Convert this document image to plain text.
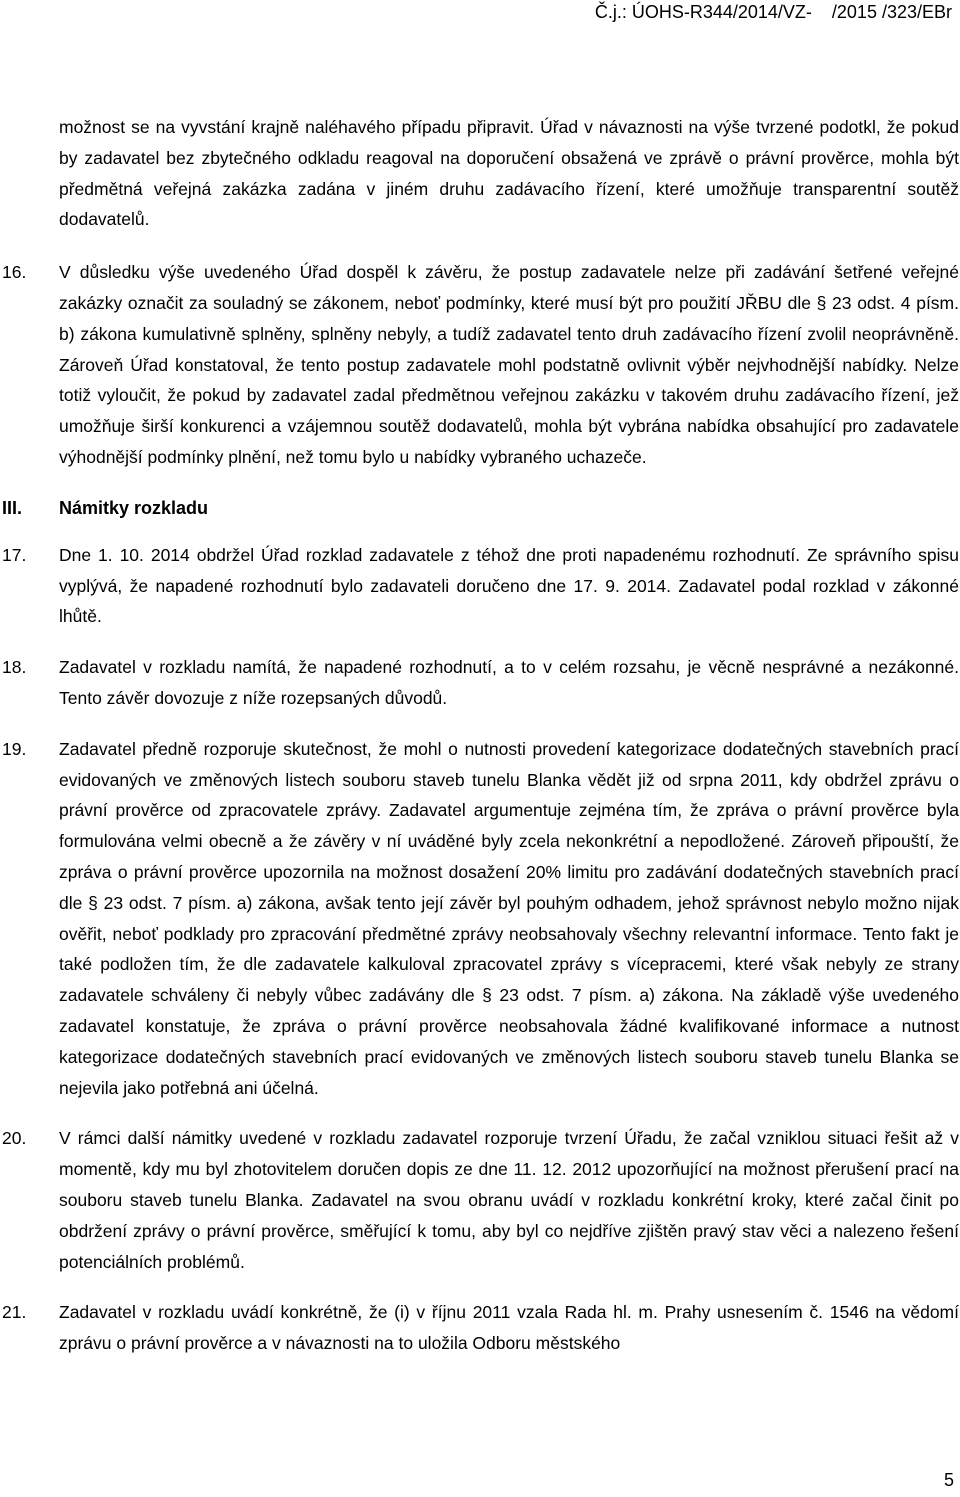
Č.j.: ÚOHS-R344/2014/VZ-    /2015 /323/EBr

možnost se na vyvstání krajně naléhavého případu připravit. Úřad v návaznosti na výše tvrzené podotkl, že pokud by zadavatel bez zbytečného odkladu reagoval na doporučení obsažená ve zprávě o právní prověrce, mohla být předmětná veřejná zakázka zadána v jiném druhu zadávacího řízení, které umožňuje transparentní soutěž dodavatelů.

16. V důsledku výše uvedeného Úřad dospěl k závěru, že postup zadavatele nelze při zadávání šetřené veřejné zakázky označit za souladný se zákonem, neboť podmínky, které musí být pro použití JŘBU dle § 23 odst. 4 písm. b) zákona kumulativně splněny, splněny nebyly, a tudíž zadavatel tento druh zadávacího řízení zvolil neoprávněně. Zároveň Úřad konstatoval, že tento postup zadavatele mohl podstatně ovlivnit výběr nejvhodnější nabídky. Nelze totiž vyloučit, že pokud by zadavatel zadal předmětnou veřejnou zakázku v takovém druhu zadávacího řízení, jež umožňuje širší konkurenci a vzájemnou soutěž dodavatelů, mohla být vybrána nabídka obsahující pro zadavatele výhodnější podmínky plnění, než tomu bylo u nabídky vybraného uchazeče.
III. Námitky rozkladu
17. Dne 1. 10. 2014 obdržel Úřad rozklad zadavatele z téhož dne proti napadenému rozhodnutí. Ze správního spisu vyplývá, že napadené rozhodnutí bylo zadavateli doručeno dne 17. 9. 2014. Zadavatel podal rozklad v zákonné lhůtě.
18. Zadavatel v rozkladu namítá, že napadené rozhodnutí, a to v celém rozsahu, je věcně nesprávné a nezákonné. Tento závěr dovozuje z níže rozepsaných důvodů.
19. Zadavatel předně rozporuje skutečnost, že mohl o nutnosti provedení kategorizace dodatečných stavebních prací evidovaných ve změnových listech souboru staveb tunelu Blanka vědět již od srpna 2011, kdy obdržel zprávu o právní prověrce od zpracovatele zprávy. Zadavatel argumentuje zejména tím, že zpráva o právní prověrce byla formulována velmi obecně a že závěry v ní uváděné byly zcela nekonkrétní a nepodložené. Zároveň připouští, že zpráva o právní prověrce upozornila na možnost dosažení 20% limitu pro zadávání dodatečných stavebních prací dle § 23 odst. 7 písm. a) zákona, avšak tento její závěr byl pouhým odhadem, jehož správnost nebylo možno nijak ověřit, neboť podklady pro zpracování předmětné zprávy neobsahovaly všechny relevantní informace. Tento fakt je také podložen tím, že dle zadavatele kalkuloval zpracovatel zprávy s vícepracemi, které však nebyly ze strany zadavatele schváleny či nebyly vůbec zadávány dle § 23 odst. 7 písm. a) zákona. Na základě výše uvedeného zadavatel konstatuje, že zpráva o právní prověrce neobsahovala žádné kvalifikované informace a nutnost kategorizace dodatečných stavebních prací evidovaných ve změnových listech souboru staveb tunelu Blanka se nejevila jako potřebná ani účelná.
20. V rámci další námitky uvedené v rozkladu zadavatel rozporuje tvrzení Úřadu, že začal vzniklou situaci řešit až v momentě, kdy mu byl zhotovitelem doručen dopis ze dne 11. 12. 2012 upozorňující na možnost přerušení prací na souboru staveb tunelu Blanka. Zadavatel na svou obranu uvádí v rozkladu konkrétní kroky, které začal činit po obdržení zprávy o právní prověrce, směřující k tomu, aby byl co nejdříve zjištěn pravý stav věci a nalezeno řešení potenciálních problémů.
21. Zadavatel v rozkladu uvádí konkrétně, že (i) v říjnu 2011 vzala Rada hl. m. Prahy usnesením č. 1546 na vědomí zprávu o právní prověrce a v návaznosti na to uložila Odboru městského
5
